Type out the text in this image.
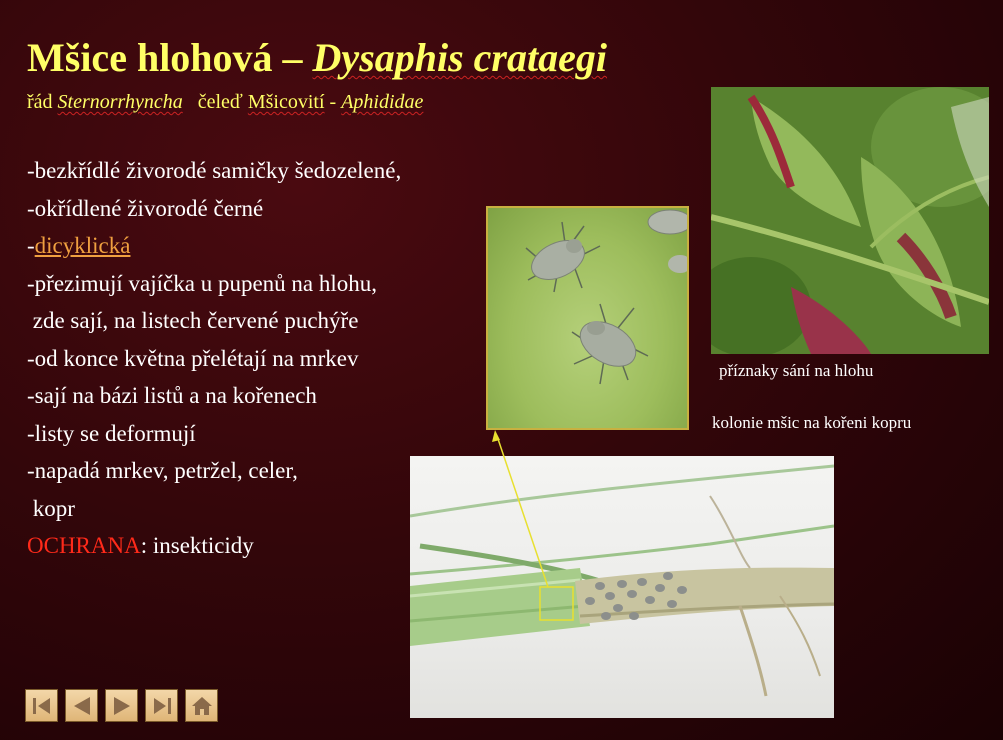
Mšice hlohová – Dysaphis crataegi
řád Sternorrhyncha čeleď Mšicovití - Aphididae
-bezkřídlé živorodé samičky šedozelené,
-okřídlené živorodé černé
-dicyklická
-přezimují vajíčka u pupenů na hlohu,
zde sají, na listech červené puchýře
-od konce května přelétají na mrkev
-sají na bázi listů a na kořenech
-listy se deformují
-napadá mrkev, petržel, celer,
kopr
OCHRANA: insekticidy
příznaky sání na hlohu
kolonie mšic na kořeni kopru
